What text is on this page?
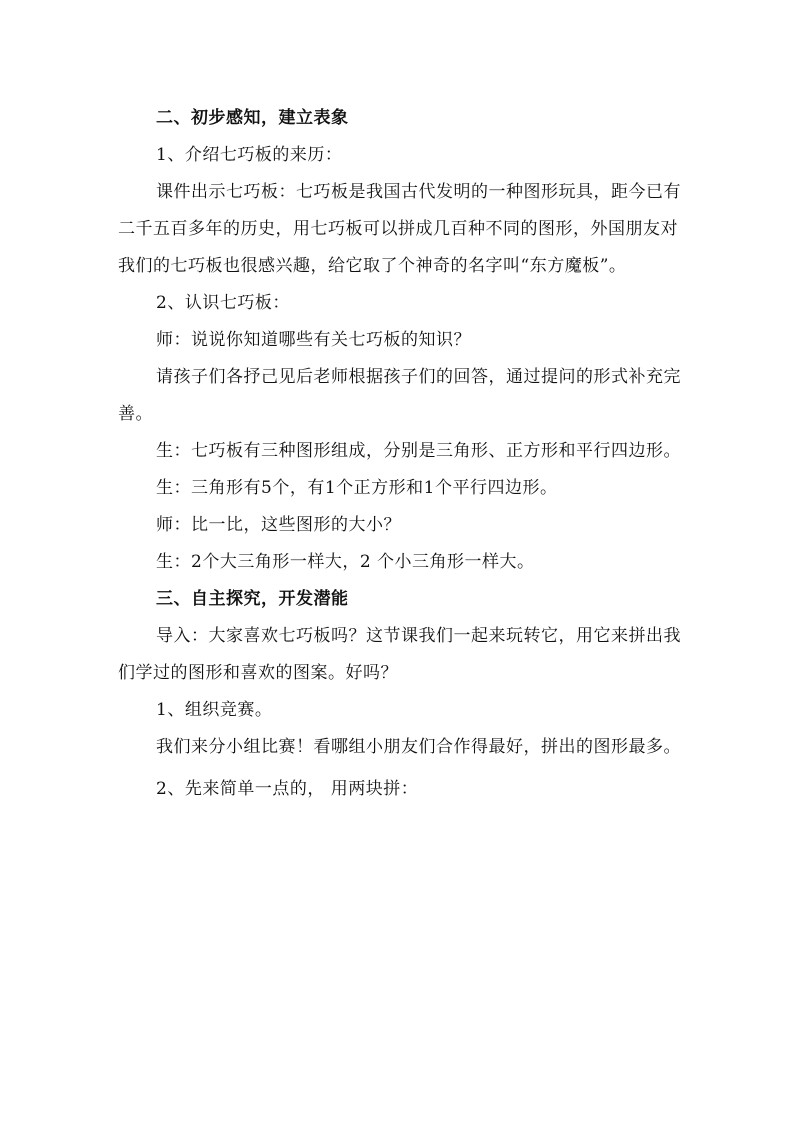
二、初步感知，建立表象

1、介绍七巧板的来历：

课件出示七巧板：七巧板是我国古代发明的一种图形玩具，距今已有二千五百多年的历史，用七巧板可以拼成几百种不同的图形，外国朋友对我们的七巧板也很感兴趣，给它取了个神奇的名字叫“东方魔板”。

2、认识七巧板：

师：说说你知道哪些有关七巧板的知识？

请孩子们各抒己见后老师根据孩子们的回答，通过提问的形式补充完善。

生：七巧板有三种图形组成，分别是三角形、正方形和平行四边形。

生：三角形有5个，有1个正方形和1个平行四边形。

师：比一比，这些图形的大小？

生：2个大三角形一样大，2 个小三角形一样大。

三、自主探究，开发潜能

导入：大家喜欢七巧板吗？这节课我们一起来玩转它，用它来拼出我们学过的图形和喜欢的图案。好吗？

1、组织竞赛。

我们来分小组比赛！看哪组小朋友们合作得最好，拼出的图形最多。

2、先来简单一点的， 用两块拼：
